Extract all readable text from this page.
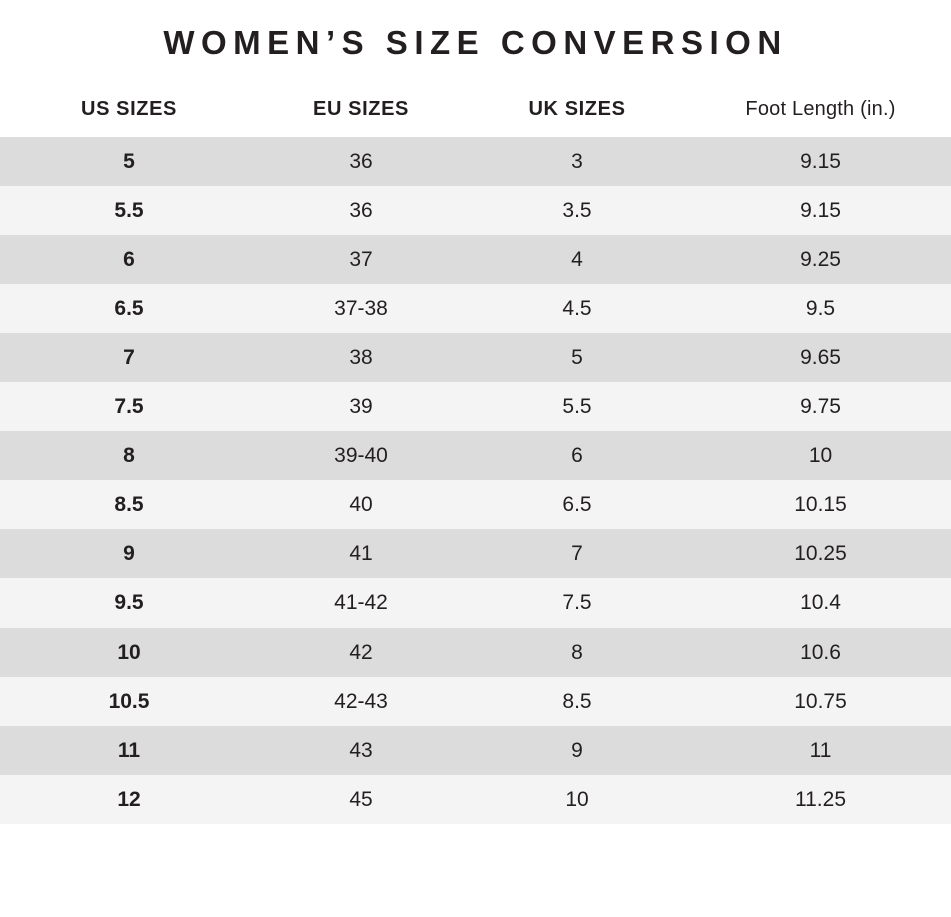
WOMEN’S SIZE CONVERSION
US SIZES	EU SIZES	UK SIZES	Foot Length (in.)
5	36	3	9.15
5.5	36	3.5	9.15
6	37	4	9.25
6.5	37-38	4.5	9.5
7	38	5	9.65
7.5	39	5.5	9.75
8	39-40	6	10
8.5	40	6.5	10.15
9	41	7	10.25
9.5	41-42	7.5	10.4
10	42	8	10.6
10.5	42-43	8.5	10.75
11	43	9	11
12	45	10	11.25
